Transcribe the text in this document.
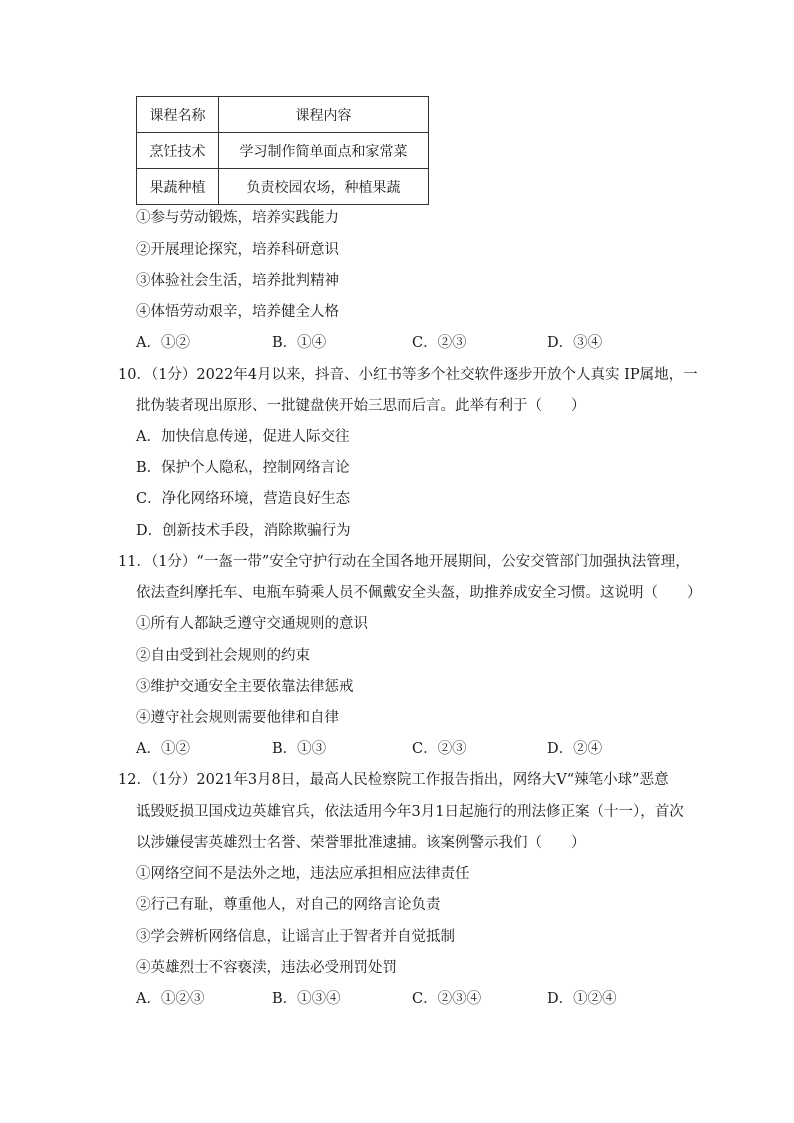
课程名称	课程内容
烹饪技术	学习制作简单面点和家常菜
果蔬种植	负责校园农场，种植果蔬
①参与劳动锻炼，培养实践能力
②开展理论探究，培养科研意识
③体验社会生活，培养批判精神
④体悟劳动艰辛，培养健全人格
A．①②	B．①④	C．②③	D．③④
10．（1分）2022年4月以来，抖音、小红书等多个社交软件逐步开放个人真实 IP属地，一
批伪装者现出原形、一批键盘侠开始三思而后言。此举有利于（　　）
A．加快信息传递，促进人际交往
B．保护个人隐私，控制网络言论
C．净化网络环境，营造良好生态
D．创新技术手段，消除欺骗行为
11．（1分）“一盔一带”安全守护行动在全国各地开展期间，公安交管部门加强执法管理，
依法查纠摩托车、电瓶车骑乘人员不佩戴安全头盔，助推养成安全习惯。这说明（　　）
①所有人都缺乏遵守交通规则的意识
②自由受到社会规则的约束
③维护交通安全主要依靠法律惩戒
④遵守社会规则需要他律和自律
A．①②	B．①③	C．②③	D．②④
12．（1分）2021年3月8日，最高人民检察院工作报告指出，网络大Ⅴ“辣笔小球”恶意
诋毁贬损卫国戍边英雄官兵，依法适用今年3月1日起施行的刑法修正案（十一），首次
以涉嫌侵害英雄烈士名誉、荣誉罪批准逮捕。该案例警示我们（　　）
①网络空间不是法外之地，违法应承担相应法律责任
②行己有耻，尊重他人，对自己的网络言论负责
③学会辨析网络信息，让谣言止于智者并自觉抵制
④英雄烈士不容亵渎，违法必受刑罚处罚
A．①②③	B．①③④	C．②③④	D．①②④
